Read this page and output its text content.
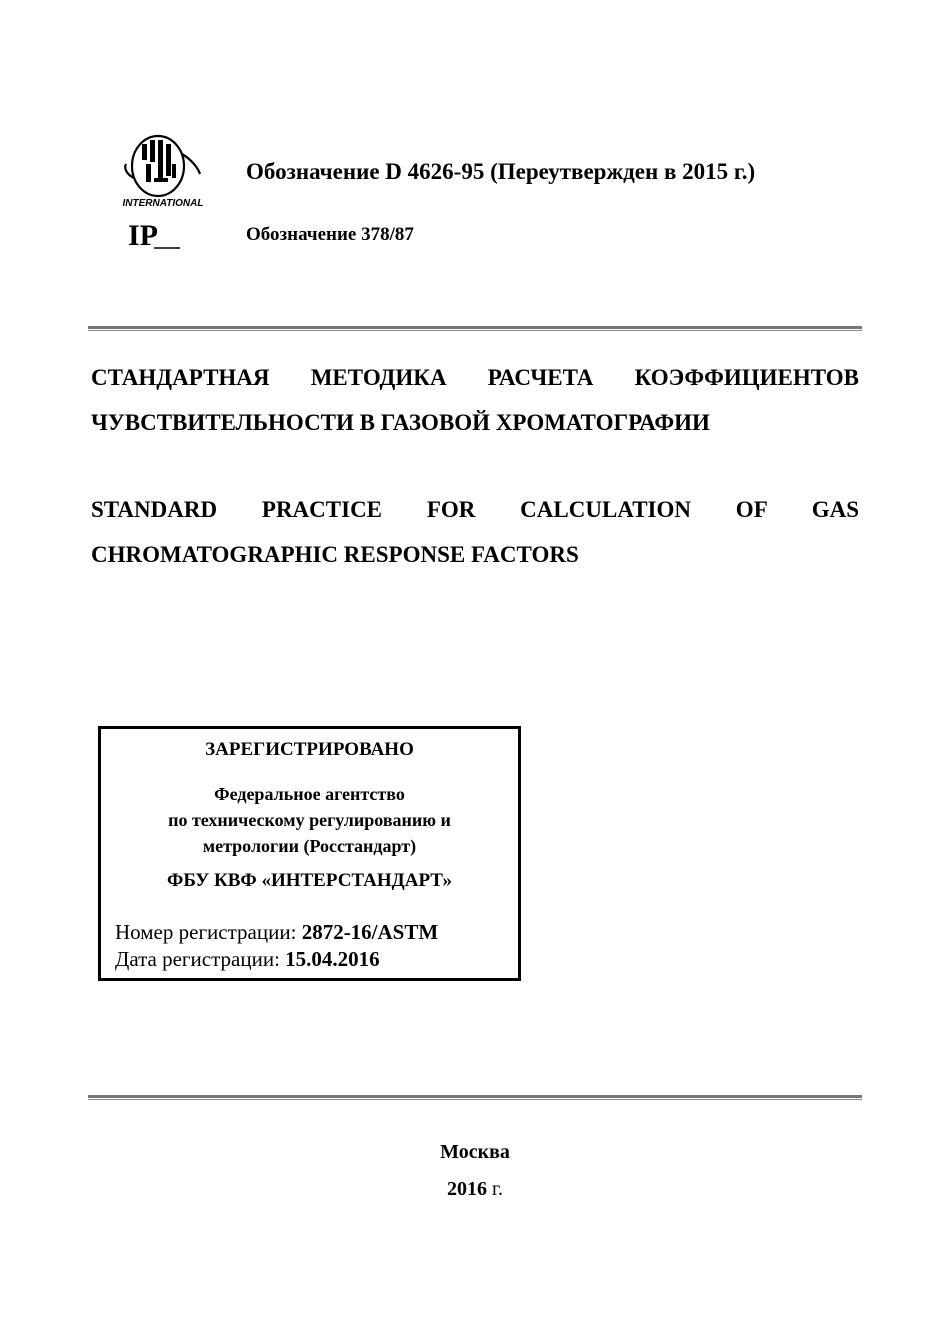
INTERNATIONAL
IP
Обозначение D 4626-95 (Переутвержден в 2015 г.)
Обозначение 378/87
СТАНДАРТНАЯ МЕТОДИКА РАСЧЕТА КОЭФФИЦИЕНТОВ
ЧУВСТВИТЕЛЬНОСТИ В ГАЗОВОЙ ХРОМАТОГРАФИИ
STANDARD PRACTICE FOR CALCULATION OF GAS
CHROMATOGRAPHIC RESPONSE FACTORS
ЗАРЕГИСТРИРОВАНО
Федеральное агентство
по техническому регулированию и
метрологии (Росстандарт)
ФБУ КВФ «ИНТЕРСТАНДАРТ»
Номер регистрации: 2872-16/ASTM
Дата регистрации: 15.04.2016
Москва
2016 г.
